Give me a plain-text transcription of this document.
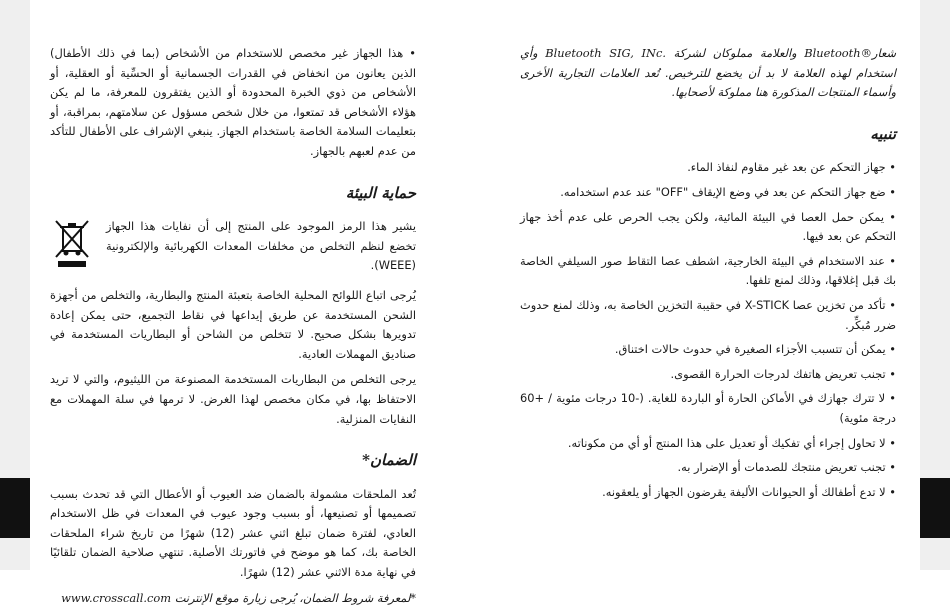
شعار®Bluetooth والعلامة مملوكان لشركة .Bluetooth SIG, INc وأي استخدام لهذه العلامة لا بد أن يخضع للترخيص. تُعد العلامات التجارية الأخرى وأسماء المنتجات المذكورة هنا مملوكة لأصحابها.

تنبيه

• جهاز التحكم عن بعد غير مقاوم لنفاذ الماء.

• ضع جهاز التحكم عن بعد في وضع الإيقاف "OFF" عند عدم استخدامه.

• يمكن حمل العصا في البيئة المائية، ولكن يجب الحرص على عدم أخذ جهاز التحكم عن بعد فيها.

• عند الاستخدام في البيئة الخارجية، اشطف عصا التقاط صور السيلفي الخاصة بك قبل إغلاقها، وذلك لمنع تلفها.

• تأكد من تخزين عصا X-STICK في حقيبة التخزين الخاصة به، وذلك لمنع حدوث ضرر مُبكِّر.

• يمكن أن تتسبب الأجزاء الصغيرة في حدوث حالات اختناق.

• تجنب تعريض هاتفك لدرجات الحرارة القصوى.

• لا تترك جهازك في الأماكن الحارة أو الباردة للغاية. (-10 درجات مئوية / +60 درجة مئوية)

• لا تحاول إجراء أي تفكيك أو تعديل على هذا المنتج أو أي من مكوناته.

• تجنب تعريض منتجك للصدمات أو الإضرار به.

• لا تدع أطفالك أو الحيوانات الأليفة يقرضون الجهاز أو يلعقونه.

• هذا الجهاز غير مخصص للاستخدام من الأشخاص (بما في ذلك الأطفال) الذين يعانون من انخفاض في القدرات الجسمانية أو الحسِّية أو العقلية، أو الأشخاص من ذوي الخبرة المحدودة أو الذين يفتقرون للمعرفة، ما لم يكن هؤلاء الأشخاص قد تمتعوا، من خلال شخص مسؤول عن سلامتهم، بمراقبة، أو بتعليمات السلامة الخاصة باستخدام الجهاز. ينبغي الإشراف على الأطفال للتأكد من عدم لعبهم بالجهاز.

حماية البيئة
يشير هذا الرمز الموجود على المنتج إلى أن نفايات هذا الجهاز تخضع لنظم التخلص من مخلفات المعدات الكهربائية والإلكترونية (WEEE).

يُرجى اتباع اللوائح المحلية الخاصة بتعبئة المنتج والبطارية، والتخلص من أجهزة الشحن المستخدمة عن طريق إيداعها في نقاط التجميع، حتى يمكن إعادة تدويرها بشكل صحيح. لا تتخلص من الشاحن أو البطاريات المستخدمة في صناديق المهملات العادية.

يرجى التخلص من البطاريات المستخدمة المصنوعة من الليثيوم، والتي لا تريد الاحتفاظ بها، في مكان مخصص لهذا الغرض. لا ترمها في سلة المهملات مع النفايات المنزلية.

الضمان*

تُعد الملحقات مشمولة بالضمان ضد العيوب أو الأعطال التي قد تحدث بسبب تصميمها أو تصنيعها، أو بسبب وجود عيوب في المعدات في ظل الاستخدام العادي، لفترة ضمان تبلغ اثني عشر (12) شهرًا من تاريخ شراء الملحقات الخاصة بك، كما هو موضح في فاتورتك الأصلية. تنتهي صلاحية الضمان تلقائيًا في نهاية مدة الاثني عشر (12) شهرًا.

*لمعرفة شروط الضمان، يُرجى زيارة موقع الإنترنت www.crosscall.com
